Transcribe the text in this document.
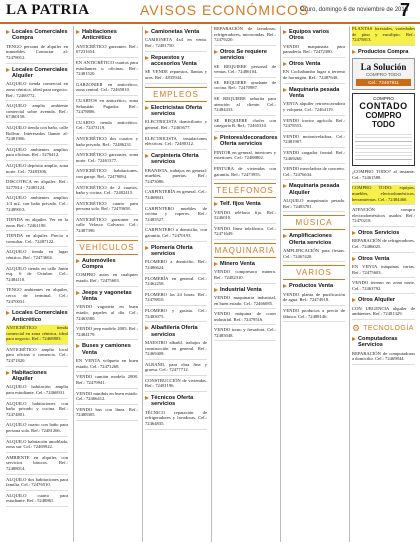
LA PATRIA	AVISOS ECONÓMICOS
Oruro, domingo 6 de noviembre de 2016
7
Locales Comerciales Compra
TENGO persona de alquiler en inmuebles. Contactar al: 72478012.
Locales Comerciales Alquiler
ALQUILO tienda comercial en zona céntrica, ideal para negocio. Ref.: 72469772.
ALQUILO amplio ambiente comercial sobre avenida. Ref.: 67460158.
ALQUILO tienda con baño, calle Bolívar. Interesados llamar al: 72481906.
ALQUILO ambientes amplios para oficinas. Ref.: 5276412.
ALQUILO depósito amplio, zona norte. Cel.: 72483306.
DISCOTECA en alquiler. Ref.: 5277814 - 72485124.
ALQUILO ambientes amplios 1/4 m2, con baño privado. Cel.: 72489013.
TIENDA en alquiler. Ver en la zona. Ref.: 72461190.
TIENDA en alquiler. Precio a consultar. Cel.: 72487122.
ALQUILO tienda en lugar céntrico. Ref.: 72473604.
ALQUILO tienda en calle Junín esq. 6 de Octubre. Cel.: 72484110.
TENGO ambientes en alquiler, cerca de terminal. Cel.: 72470031.
Locales Comerciales Anticrético
ANTICRÉTICO tienda comercial en zona céntrica, ideal para negocio. Ref.: 72468803.
ANTICRÉTICO amplio local para oficina o comercio. Cel.: 72471820.
Habitaciones Alquiler
ALQUILO habitación amplia para estudiante. Cel.: 72466931.
ALQUILO habitaciones con baño privado y cocina. Ref.: 72474801.
ALQUILO cuarto con baño para persona sola. Ref.: 72481266.
ALQUILO habitación amoblada, zona sur. Cel.: 72469922.
AMBIENTE en alquiler, con servicios básicos. Ref.: 72488014.
ALQUILO dos habitaciones para familia. Cel.: 72476510.
ALQUILO cuarto para estudiante. Ref.: 5248861.
Habitaciones Anticrético
ANTICRÉTICO garzonier. Ref.: 67231654.
EN ANTICRÉTICO cuartos para estudiantes u oficinas. Ref.: 72481520.
GARZONIER en anticrético, zona central. Cel.: 72465810.
CUARTOS en anticrético, zona Sebastián Pagador. Ref.: 72478806.
CUARTO tienda anticrético. Cel.: 72473119.
ANTICRÉTICO dos cuartos y baño privado. Ref.: 72486231.
ANTICRÉTICO garzonier, zona norte. Cel.: 72461377.
ANTICRÉTICO habitaciones, con garaje. Ref.: 72479094.
ANTICRÉTICO de 2 cuartos, baño y cocina. Cel.: 72482415.
ANTICRÉTICO cuarto para persona sola. Ref.: 72470658.
ANTICRÉTICO garzonier en calle Velasco Galvarro. Cel.: 72487390.
VEHÍCULOS
Automóviles Compra
COMPRO autos en cualquier estado. Ref.: 72475603.
Jeeps y vagonetas Venta
VENDO vagoneta en buen estado, papeles al día. Cel.: 72463580.
VENDO jeep modelo 2005. Ref.: 72484179.
Buses y camiones Venta
EN VENTA volqueta en buen estado. Cel.: 72471268.
VENDO camión modelo 2008. Ref.: 72479941.
VENDO minibús en buen estado. Cel.: 72466412.
VENDO bus con línea. Ref.: 72488305.
Camionetas Venta
CAMIONETA 4x4 en venta. Ref.: 72481750.
Repuestos y accesorios Venta
SE VENDE repuestos, llantas y aros. Ref.: 4835944.
EMPLEOS
Electricistas Oferta servicios
ELECTRICISTA domiciliario y general. Ref.: 72465677.
ELECTRICISTA instalaciones eléctricas. Cel.: 72480312.
Carpintería Oferta servicios
EBANISTA, trabajos en general: muebles, puertas. Ref.: 72473086.
CARPINTERÍA en general. Cel.: 72468841.
CARPINTERO muebles de cocina y roperos. Ref.: 72485527.
CARPINTERO a domicilio, con garantía. Cel.: 72470193.
Plomería Oferta servicios
PLOMERO a domicilio. Ref.: 72486624.
PLOMERÍA en general. Cel.: 72462258.
PLOMERO las 24 horas. Ref.: 72478810.
PLOMERO y gasista. Cel.: 72483075.
Albañilería Oferta servicios
MAESTRO albañil, trabajos de construcción en general. Ref.: 72469408.
ALBAÑIL para obra fina y gruesa. Cel.: 72477712.
CONSTRUCCIÓN de viviendas. Ref.: 72481196.
Técnicos Oferta servicios
TÉCNICO reparación de refrigeradores y lavadoras. Cel.: 72464835.
REPARACIÓN de lavadoras, refrigeradores, microondas. Ref.: 72479220.
Otros Se requiere servicios
SE REQUIERE personal de ventas. Cel.: 72486104.
SE REQUIERE ayudante de cocina. Ref.: 72470987.
SE REQUIERE señorita para atención al cliente. Cel.: 72484433.
SE REQUIERE chofer con categoría B. Ref.: 72465310.
Pintores/decoradores Oferta servicios
PINTOR en general, interiores y exteriores. Cel.: 72488802.
PINTURA de viviendas con garantía. Ref.: 72473955.
TELÉFONOS
Telf. fijos Venta
VENDO teléfono fijo. Ref.: 5246010.
VENDO línea telefónica. Cel.: 72471649.
MAQUINARIA
Minero Venta
VENDO compresora minera. Ref.: 72482310.
Industrial Venta
VENDO maquinaria industrial, en buen estado. Cel.: 72466085.
VENDO máquina de coser industrial. Ref.: 72479516.
VENDO torno y fresadora. Cel.: 72485048.
Equipos varios Otros
VENDO maquinaria para panadería. Ref.: 72472380.
Otros Venta
EN Cochabamba lugar o terreno de hormigón. Ref.: 72487640.
Maquinaria pesada Venta
VENTA alquiler retroexcavadora y volqueta. Cel.: 72464119.
VENDO tractor agrícola. Ref.: 72478553.
VENDO motoniveladora. Cel.: 72481907.
VENDO cargador frontal. Ref.: 72469260.
VENDO mezcladora de concreto. Cel.: 72476634.
Maquinaria pesada Alquiler
ALQUILO maquinaria pesada. Ref.: 72483781.
MÚSICA
Amplificaciones Oferta servicios
AMPLIFICACIÓN para fiestas. Cel.: 72467420.
VARIOS
Productos Venta
VENDO planta de purificación de agua. Ref.: 72474918.
VENDO productos a precio de fábrica. Cel.: 72488146.
PLANTAS forestales, variedades de pino y eucalipto. Ref.: 72478813.
Productos Compra
La Solución
COMPRO TODO
Cel.: 72467811
COMPRO
CONTADO
COMPRO TODO
¿COMPRO TODO? al instante. Cel.: 72461588.
COMPRO TODO: equipos, muebles, electrodomésticos, herramientas. Cel.: 72484460.
ATENCIÓN compro electrodomésticos usados. Ref.: 72470218.
Otros Servicios
REPARACIÓN de refrigeradores. Cel.: 72486025.
Otros Venta
EN VENTA máquinas varias. Ref.: 72475603.
VENDO terreno en zona norte. Cel.: 72463792.
Otros Alquiler
CON URGENCIA alquiler de ambientes. Ref.: 72481329.
⚙ TECNOLOGÍA
Computadoras Servicios
REPARACIÓN de computadoras a domicilio. Cel.: 72469844.
